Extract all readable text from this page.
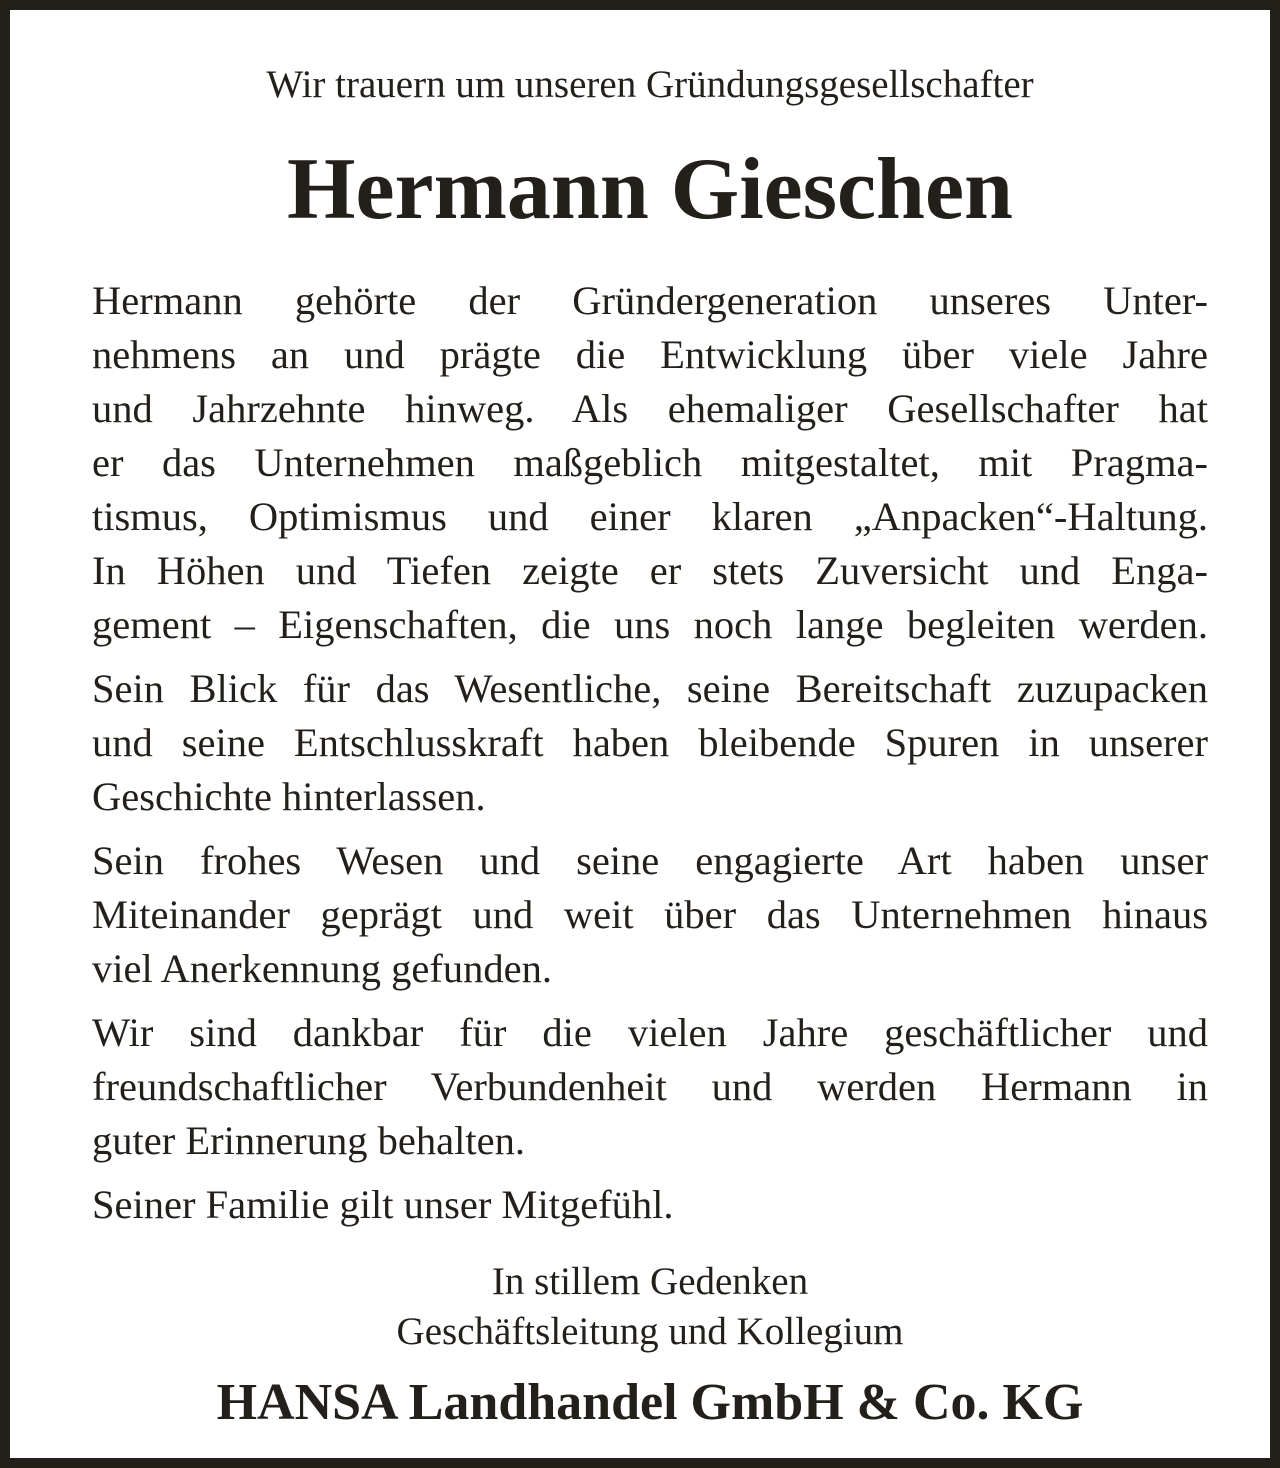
Wir trauern um unseren Gründungsgesellschafter

Hermann Gieschen

Hermann gehörte der Gründergeneration unseres Unter-
nehmens an und prägte die Entwicklung über viele Jahre
und Jahrzehnte hinweg. Als ehemaliger Gesellschafter hat
er das Unternehmen maßgeblich mitgestaltet, mit Pragma-
tismus, Optimismus und einer klaren „Anpacken“-Haltung.
In Höhen und Tiefen zeigte er stets Zuversicht und Enga-
gement – Eigenschaften, die uns noch lange begleiten werden.

Sein Blick für das Wesentliche, seine Bereitschaft zuzupacken
und seine Entschlusskraft haben bleibende Spuren in unserer
Geschichte hinterlassen.

Sein frohes Wesen und seine engagierte Art haben unser
Miteinander geprägt und weit über das Unternehmen hinaus
viel Anerkennung gefunden.

Wir sind dankbar für die vielen Jahre geschäftlicher und
freundschaftlicher Verbundenheit und werden Hermann in
guter Erinnerung behalten.

Seiner Familie gilt unser Mitgefühl.

In stillem Gedenken
Geschäftsleitung und Kollegium
HANSA Landhandel GmbH & Co. KG
